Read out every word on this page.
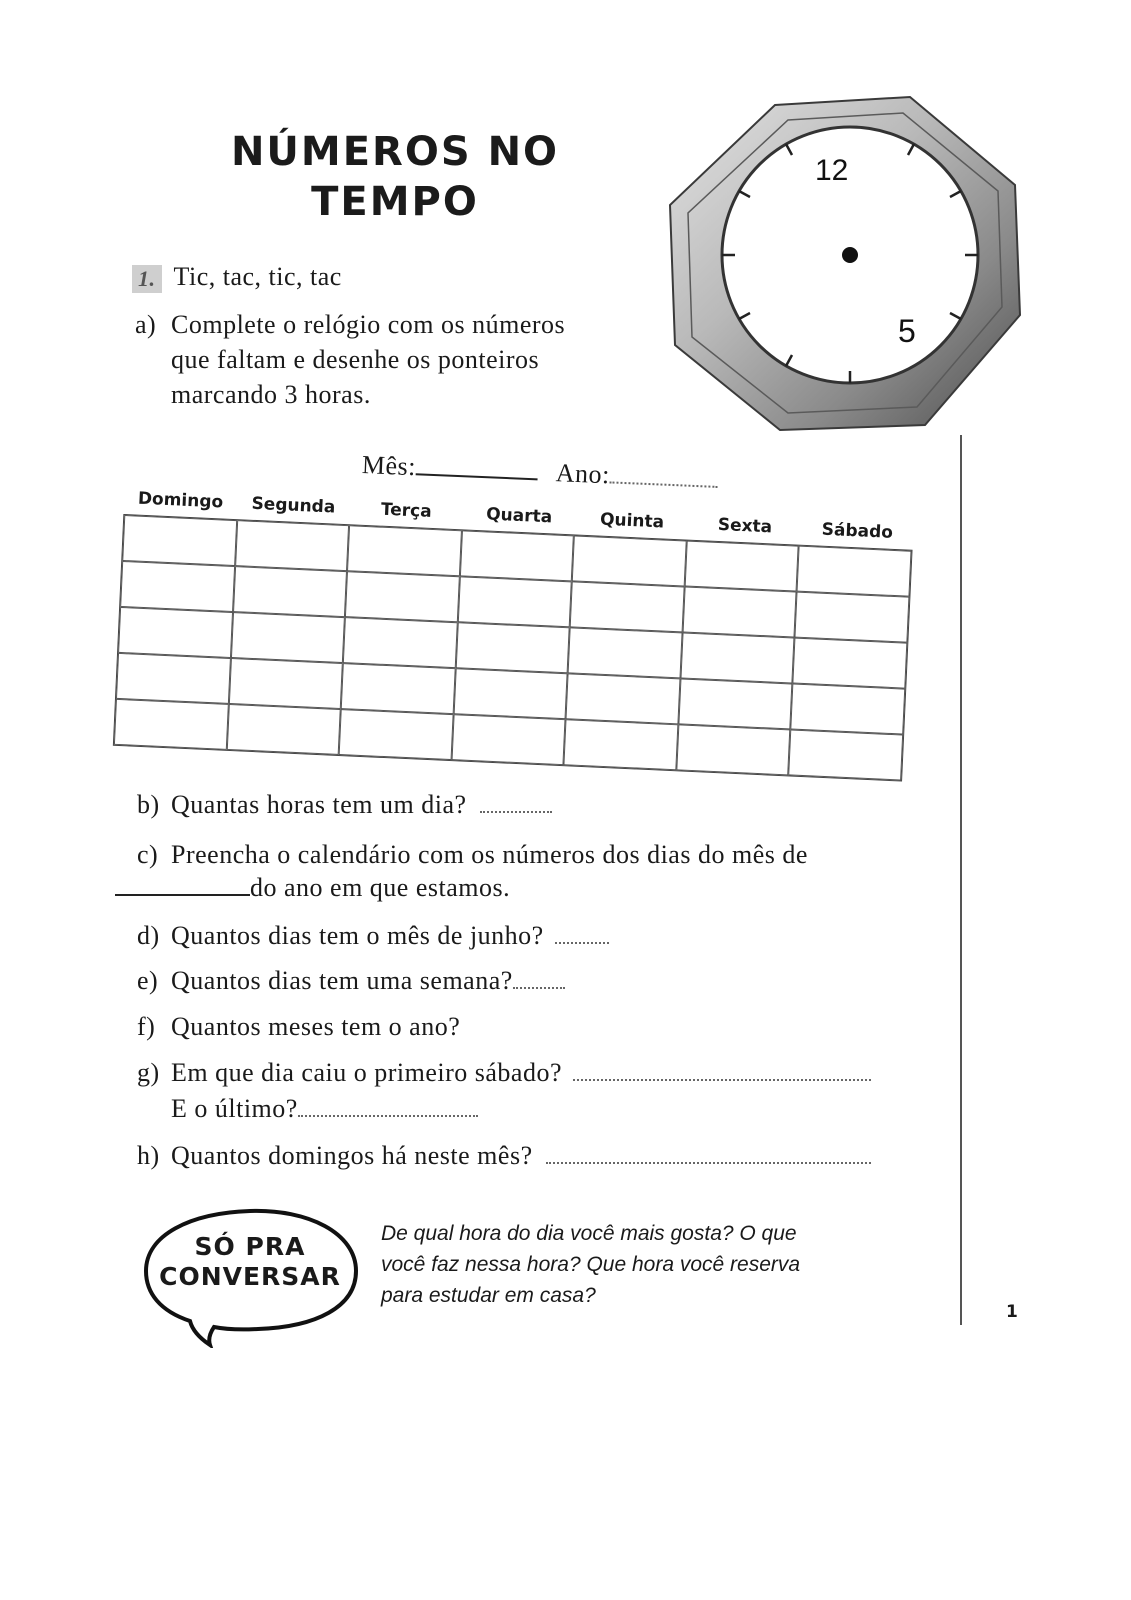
NÚMEROS NO
TEMPO
12
5
1. Tic, tac, tic, tac
a) Complete o relógio com os números
que faltam e desenhe os ponteiros
marcando 3 horas.
Mês:	Ano:
Domingo	Segunda	Terça	Quarta	Quinta	Sexta	Sábado
b) Quantas horas tem um dia?
c) Preencha o calendário com os números dos dias do mês de
do ano em que estamos.
d) Quantos dias tem o mês de junho?
e) Quantos dias tem uma semana?
f) Quantos meses tem o ano?
g) Em que dia caiu o primeiro sábado?
E o último?
h) Quantos domingos há neste mês?
SÓ PRA
CONVERSAR
De qual hora do dia você mais gosta? O que
você faz nessa hora? Que hora você reserva
para estudar em casa?
1
